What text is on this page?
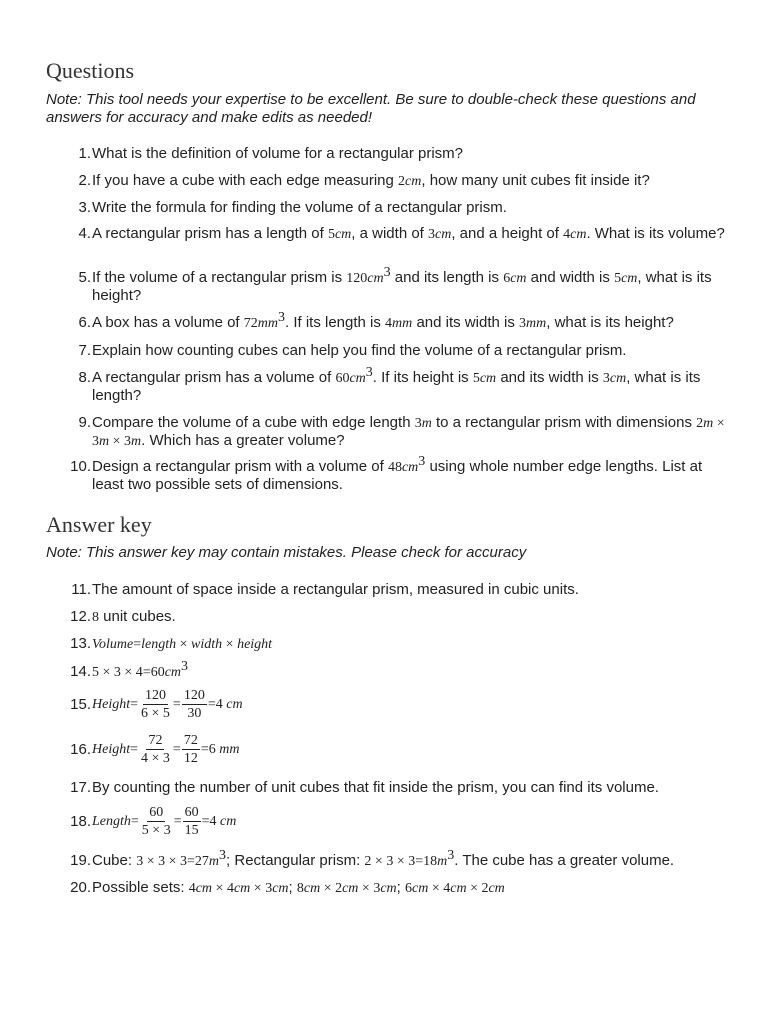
Questions

Note: This tool needs your expertise to be excellent. Be sure to double-check these questions and answers for accuracy and make edits as needed!

1. What is the definition of volume for a rectangular prism?
2. If you have a cube with each edge measuring 2cm, how many unit cubes fit inside it?
3. Write the formula for finding the volume of a rectangular prism.
4. A rectangular prism has a length of 5cm, a width of 3cm, and a height of 4cm. What is its volume?
5. If the volume of a rectangular prism is $120cm^3$ and its length is 6cm and width is 5cm, what is its height?
6. A box has a volume of $72mm^3$. If its length is 4mm and its width is 3mm, what is its height?
7. Explain how counting cubes can help you find the volume of a rectangular prism.
8. A rectangular prism has a volume of $60cm^3$. If its height is 5cm and its width is 3cm, what is its length?
9. Compare the volume of a cube with edge length 3m to a rectangular prism with dimensions 2m × 3m × 3m. Which has a greater volume?
10. Design a rectangular prism with a volume of $48cm^3$ using whole number edge lengths. List at least two possible sets of dimensions.
Answer key

Note: This answer key may contain mistakes. Please check for accuracy

11. The amount of space inside a rectangular prism, measured in cubic units.
12. 8 unit cubes.
13. Volume=length × width × height
14. $5 \times 3 \times 4=60cm^3$
15. Height = $\frac{120}{6 \times 5} = \frac{120}{30} = 4$
cm
16. Height = $\frac{72}{4 \times 3} = \frac{72}{12} = 6$
mm
17. By counting the number of unit cubes that fit inside the prism, you can find its volume.
18. Length = $\frac{60}{5 \times 3} = \frac{60}{15} = 4$
cm
19. Cube: $3 \times 3 \times 3=27m^3$; Rectangular prism: $2 \times 3 \times 3=18m^3$. The cube has a greater volume.
20. Possible sets: 4cm × 4cm × 3cm; 8cm × 2cm × 3cm; 6cm × 4cm × 2cm
